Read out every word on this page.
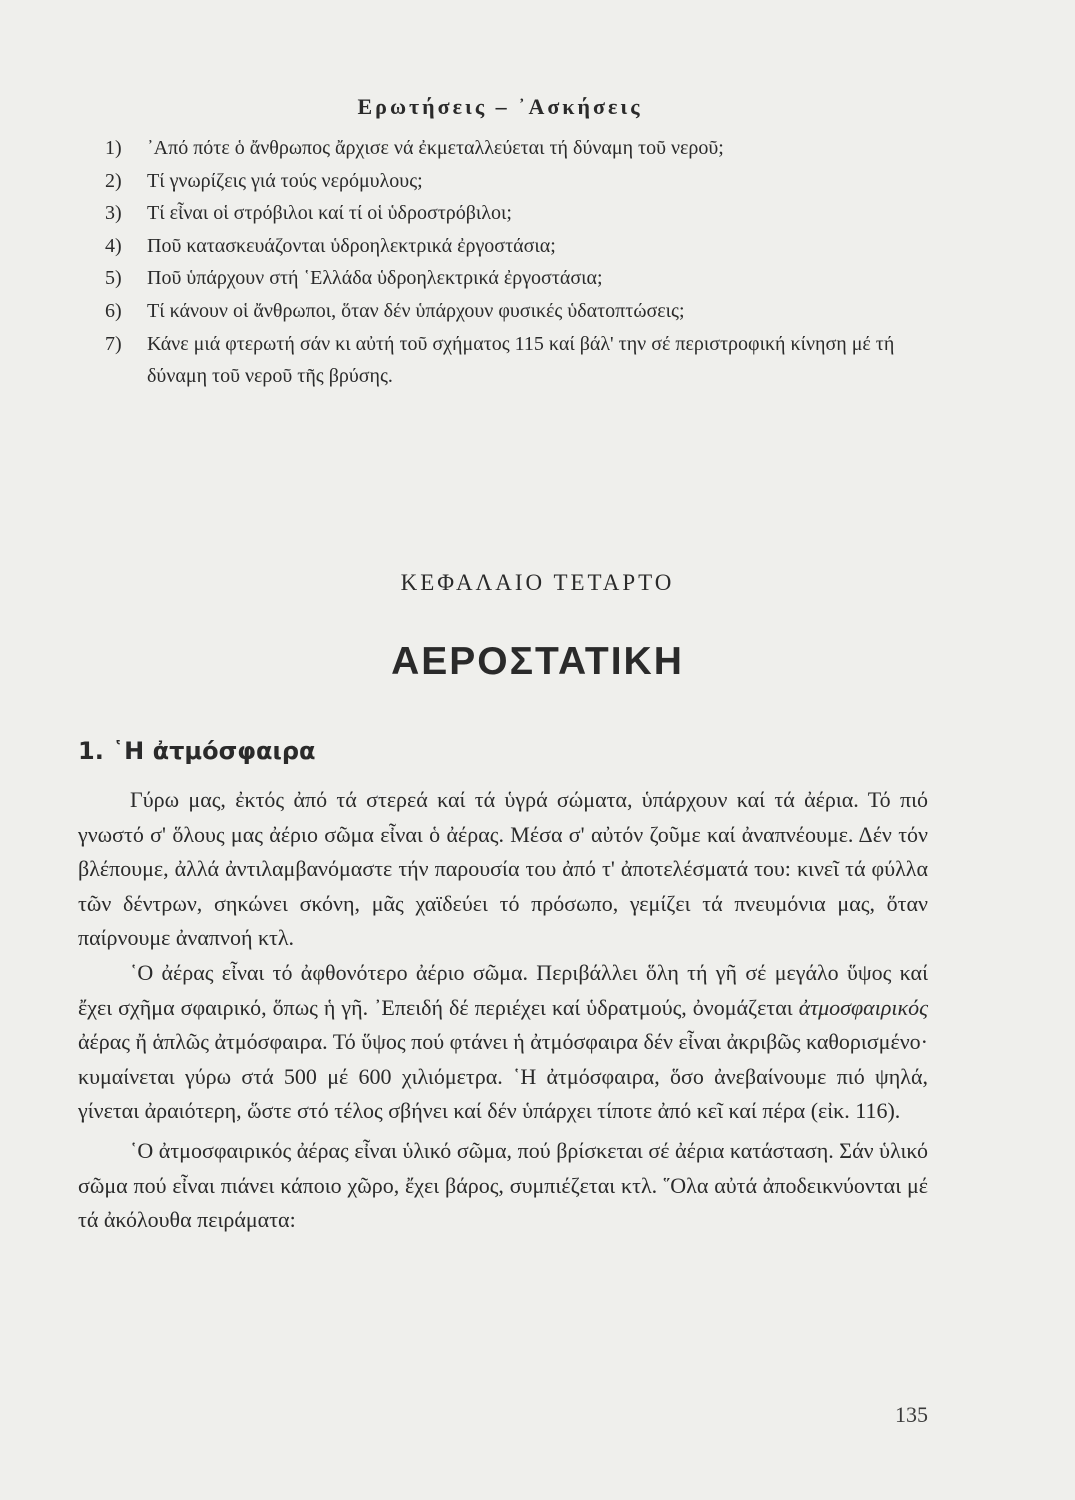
Ερωτήσεις – ᾿Ασκήσεις
1) ᾿Από πότε ὁ ἄνθρωπος ἄρχισε νά ἐκμεταλλεύεται τή δύναμη τοῦ νεροῦ;
2) Τί γνωρίζεις γιά τούς νερόμυλους;
3) Τί εἶναι οἱ στρόβιλοι καί τί οἱ ὑδροστρόβιλοι;
4) Ποῦ κατασκευάζονται ὑδροηλεκτρικά ἐργοστάσια;
5) Ποῦ ὑπάρχουν στή ῾Ελλάδα ὑδροηλεκτρικά ἐργοστάσια;
6) Τί κάνουν οἱ ἄνθρωποι, ὅταν δέν ὑπάρχουν φυσικές ὑδατοπτώσεις;
7) Κάνε μιά φτερωτή σάν κι αὐτή τοῦ σχήματος 115 καί βάλ' την σέ περιστροφική κίνηση μέ τή δύναμη τοῦ νεροῦ τῆς βρύσης.
ΚΕΦΑΛΑΙΟ ΤΕΤΑΡΤΟ
ΑΕΡΟΣΤΑΤΙΚΗ
1. ῾Η ἀτμόσφαιρα

Γύρω μας, ἐκτός ἀπό τά στερεά καί τά ὑγρά σώματα, ὑπάρχουν καί τά ἀέρια. Τό πιό γνωστό σ' ὅλους μας ἀέριο σῶμα εἶναι ὁ ἀέρας. Μέσα σ' αὐτόν ζοῦμε καί ἀναπνέουμε. Δέν τόν βλέπουμε, ἀλλά ἀντιλαμβανόμαστε τήν παρουσία του ἀπό τ' ἀποτελέσματά του: κινεῖ τά φύλλα τῶν δέντρων, σηκώνει σκόνη, μᾶς χαϊδεύει τό πρόσωπο, γεμίζει τά πνευμόνια μας, ὅταν παίρνουμε ἀναπνοή κτλ.

῾Ο ἀέρας εἶναι τό ἀφθονότερο ἀέριο σῶμα. Περιβάλλει ὅλη τή γῆ σέ μεγάλο ὕψος καί ἔχει σχῆμα σφαιρικό, ὅπως ἡ γῆ. ᾿Επειδή δέ περιέχει καί ὑδρατμούς, ὀνομάζεται ἀτμοσφαιρικός ἀέρας ἤ ἁπλῶς ἀτμόσφαιρα. Τό ὕψος πού φτάνει ἡ ἀτμόσφαιρα δέν εἶναι ἀκριβῶς καθορισμένο· κυμαίνεται γύρω στά 500 μέ 600 χιλιόμετρα. ῾Η ἀτμόσφαιρα, ὅσο ἀνεβαίνουμε πιό ψηλά, γίνεται ἀραιότερη, ὥστε στό τέλος σβήνει καί δέν ὑπάρχει τίποτε ἀπό κεῖ καί πέρα (εἰκ. 116).

῾Ο ἀτμοσφαιρικός ἀέρας εἶναι ὑλικό σῶμα, πού βρίσκεται σέ ἀέρια κατάσταση. Σάν ὑλικό σῶμα πού εἶναι πιάνει κάποιο χῶρο, ἔχει βάρος, συμπιέζεται κτλ. ῞Ολα αὐτά ἀποδεικνύονται μέ τά ἀκόλουθα πειράματα:

135
